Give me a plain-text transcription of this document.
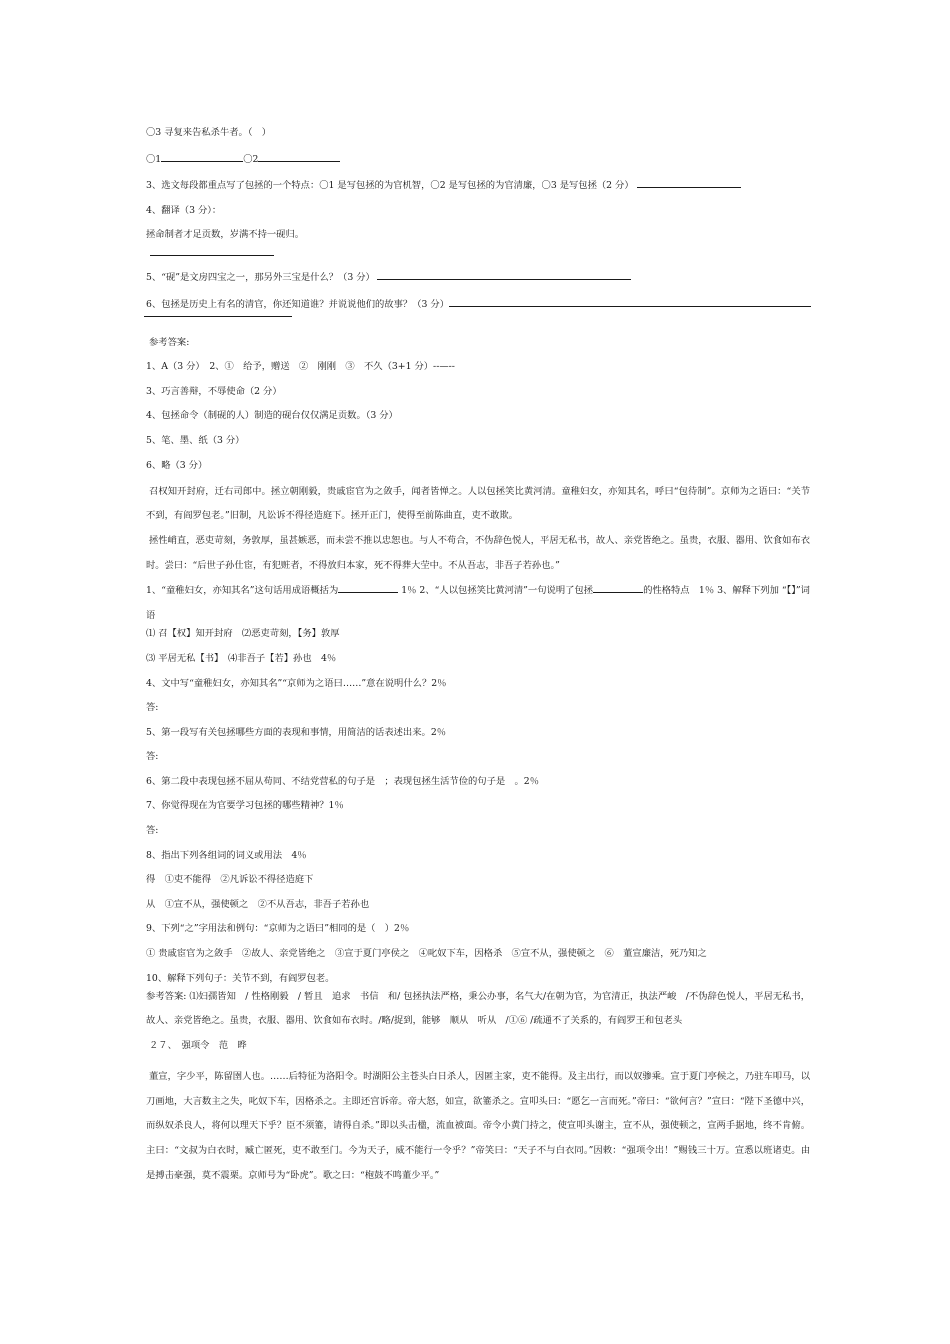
〇3 寻复来告私杀牛者。（　）
〇1	〇2
3、选文每段都重点写了包拯的一个特点：〇1 是写包拯的为官机智，〇2 是写包拯的为官清廉，〇3 是写包拯（2 分）
4、翻译（3 分）：
拯命制者才足贡数，岁满不持一砚归。
5、“砚”是文房四宝之一，那另外三宝是什么？（3 分）
6、包拯是历史上有名的清官，你还知道谁？并说说他们的故事？（3 分）
参考答案:
1、A（3 分）　2、①　给予，赠送　②　刚刚　③　不久（3+1 分）--—--
3、巧言善辩，不辱使命（2 分）
4、包拯命令（制砚的人）制造的砚台仅仅满足贡数。（3 分）
5、笔、墨、纸（3 分）
6、略（3 分）
召权知开封府，迁右司郎中。拯立朝刚毅，贵戚宦官为之敛手，闻者皆惮之。人以包拯笑比黄河清。童稚妇女，亦知其名，呼曰“包待制”。京师为之语曰：“关节不到，有阎罗包老。”旧制，凡讼诉不得径造庭下。拯开正门，使得至前陈曲直，吏不敢欺。
拯性峭直，恶吏苛刻，务敦厚，虽甚嫉恶，而未尝不推以忠恕也。与人不苟合，不伪辞色悦人，平居无私书，故人、亲党皆绝之。虽贵，衣服、器用、饮食如布衣时。尝曰：“后世子孙仕宦，有犯赃者，不得放归本家，死不得葬大茔中。不从吾志，非吾子若孙也。”
1、“童稚妇女，亦知其名”这句话用成语概括为	1％ 2、“人以包拯笑比黄河清”一句说明了包拯	的性格特点　1％ 3、解释下列加 “【】”词语
⑴ 召【权】知开封府　⑵恶吏苛刻，【务】敦厚
⑶ 平居无私【书】　⑷非吾子【若】孙也　4％
4、文中写“童稚妇女，亦知其名”“京师为之语曰……”意在说明什么？2％
答:
5、第一段写有关包拯哪些方面的表现和事情，用简洁的话表述出来。2％
答:
6、第二段中表现包拯不屈从苟同、不结党营私的句子是　；表现包拯生活节俭的句子是　。2％
7、你觉得现在为官要学习包拯的哪些精神？1％
答:
8、指出下列各组词的词义或用法　4％
得　①吏不能得　②凡诉讼不得径造庭下
从　①宣不从，强使顿之　②不从吾志，非吾子若孙也
9、下列“之”字用法和例句：“京师为之语曰”相同的是（　）2％
① 贵戚宦官为之敛手　②故人、亲党皆绝之　③宣于夏门亭侯之　④叱奴下车，因格杀　⑤宣不从，强使顿之　⑥　董宣廉洁，死乃知之
10、解释下列句子：关节不到，有阎罗包老。
参考答案: ⑴妇孺皆知　/ 性格刚毅　/ 暂且　追求　书信　和/ 包拯执法严格，秉公办事，名气大/在朝为官，为官清正，执法严峻　/不伪辞色悦人，平居无私书，故人、亲党皆绝之。虽贵，衣服、器用、饮食如布衣时。/略/捉到，能够　顺从　听从　/①⑥ /疏通不了关系的，有阎罗王和包老头
２７、　强项令　范　晔
董宣，字少平，陈留圉人也。……后特征为洛阳令。时湖阳公主苍头白日杀人，因匿主家，吏不能得。及主出行，而以奴骖乘。宣于夏门亭候之，乃驻车叩马，以刀画地，大言数主之失，叱奴下车，因格杀之。主即还宫诉帝。帝大怒，如宣，欲箠杀之。宣叩头曰：“愿乞一言而死。”帝曰：“欲何言？”宣曰：“陛下圣德中兴，而纵奴杀良人，将何以理天下乎？臣不须箠，请得自杀。”即以头击楹，流血被面。帝令小黄门持之，使宣叩头谢主，宣不从，强使顿之，宣两手据地，终不肯俯。主曰：“文叔为白衣时，臧亡匿死，吏不敢至门。今为天子，威不能行一令乎？”帝笑曰：“天子不与白衣同。”因敕：“强项令出！”赐钱三十万。宣悉以班诸吏。由是搏击豪强，莫不震栗。京师号为“卧虎”。歌之曰：“枹鼓不鸣董少平。”
